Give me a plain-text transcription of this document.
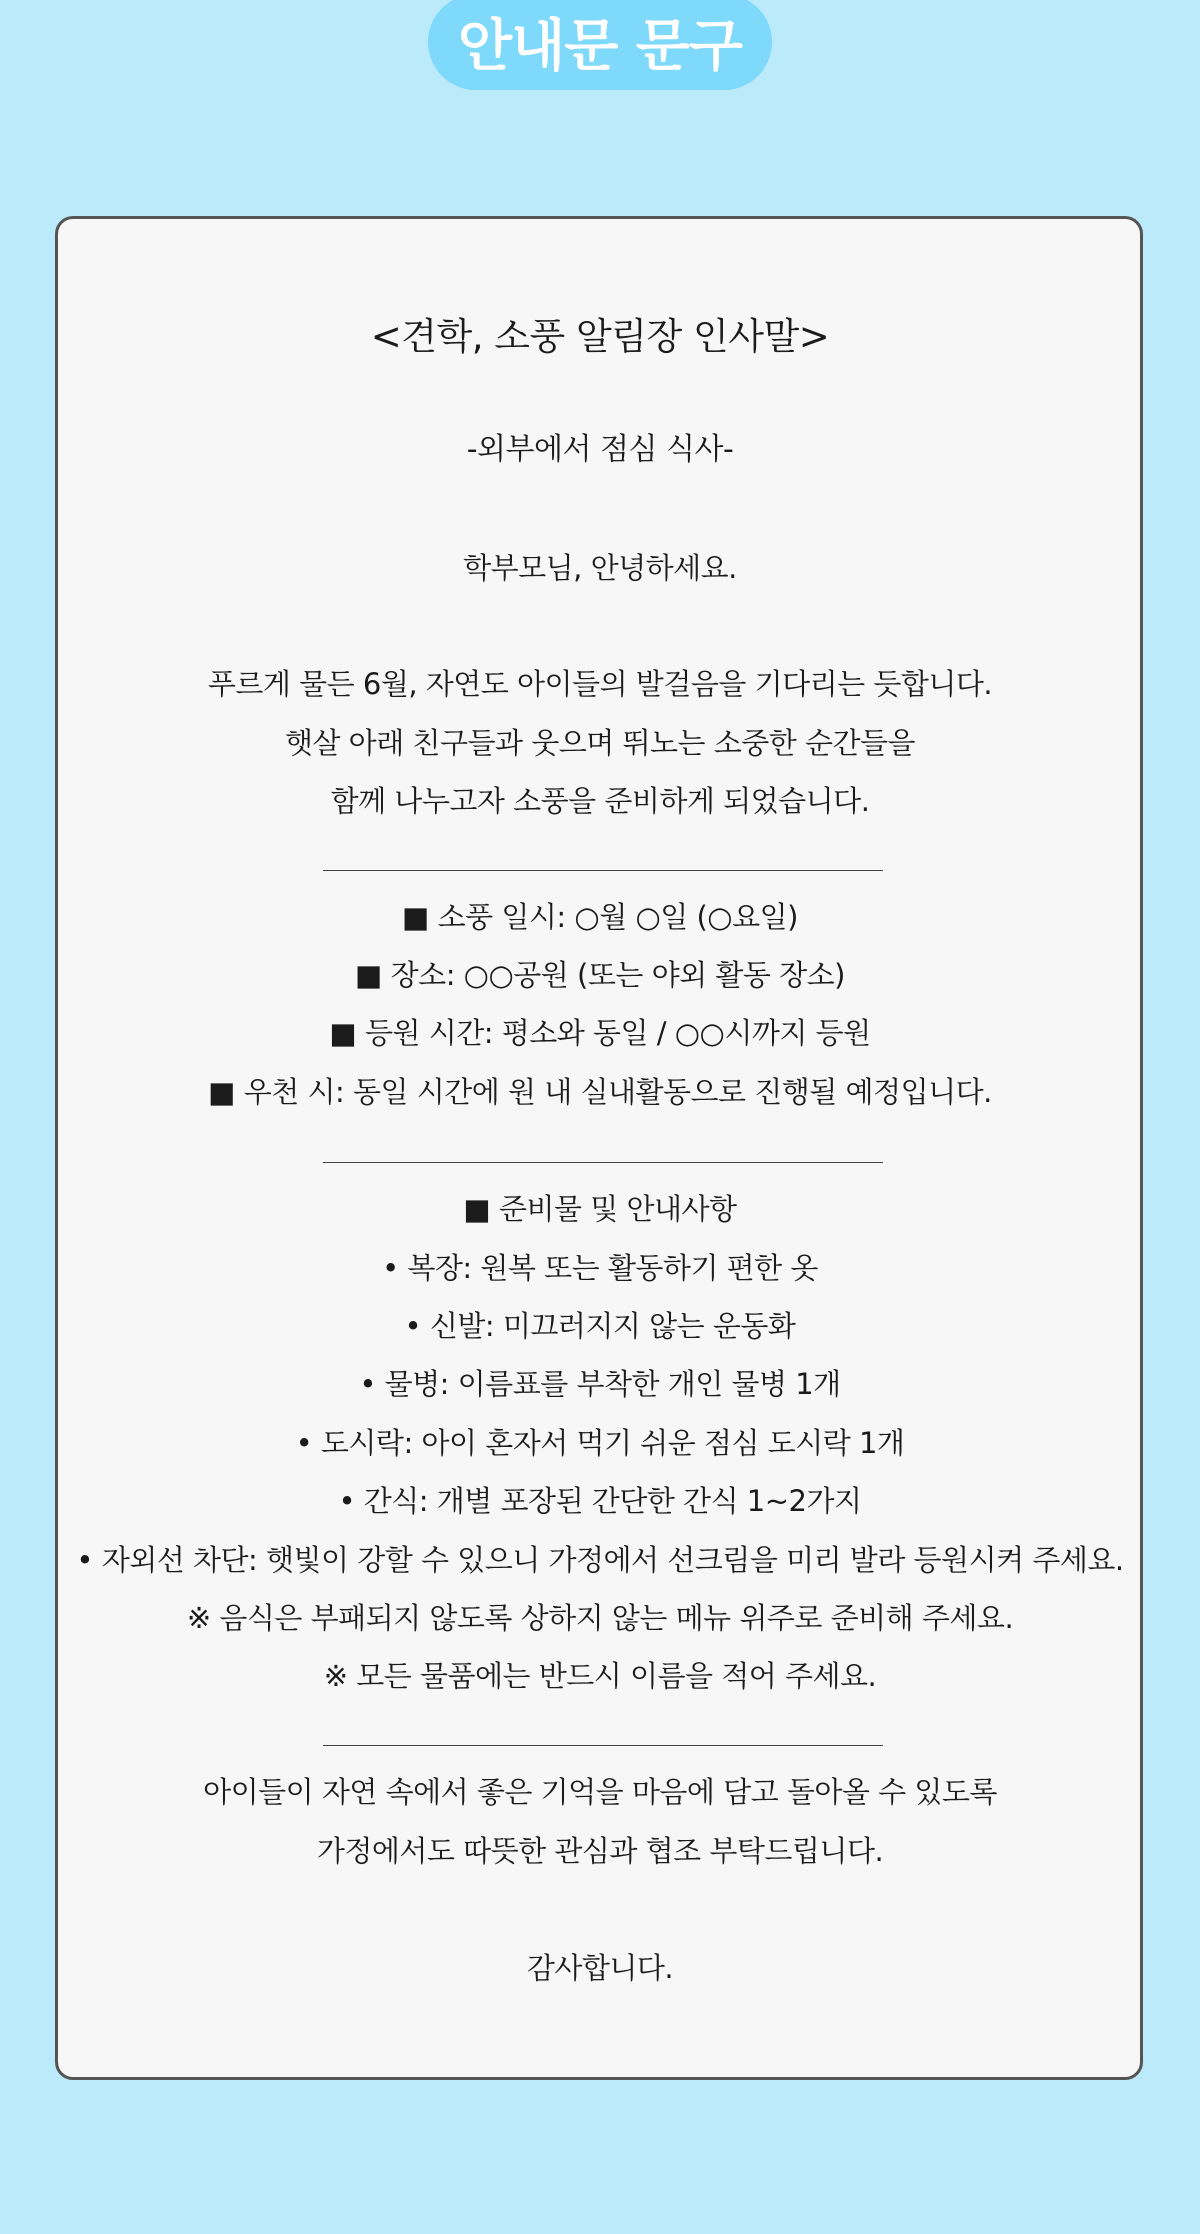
안내문 문구
<견학, 소풍 알림장 인사말>
-외부에서 점심 식사-
학부모님, 안녕하세요.
푸르게 물든 6월, 자연도 아이들의 발걸음을 기다리는 듯합니다.
햇살 아래 친구들과 웃으며 뛰노는 소중한 순간들을
함께 나누고자 소풍을 준비하게 되었습니다.
■ 소풍 일시: ○월 ○일 (○요일)
■ 장소: ○○공원 (또는 야외 활동 장소)
■ 등원 시간: 평소와 동일 / ○○시까지 등원
■ 우천 시: 동일 시간에 원 내 실내활동으로 진행될 예정입니다.
■ 준비물 및 안내사항
• 복장: 원복 또는 활동하기 편한 옷
• 신발: 미끄러지지 않는 운동화
• 물병: 이름표를 부착한 개인 물병 1개
• 도시락: 아이 혼자서 먹기 쉬운 점심 도시락 1개
• 간식: 개별 포장된 간단한 간식 1~2가지
• 자외선 차단: 햇빛이 강할 수 있으니 가정에서 선크림을 미리 발라 등원시켜 주세요.
※ 음식은 부패되지 않도록 상하지 않는 메뉴 위주로 준비해 주세요.
※ 모든 물품에는 반드시 이름을 적어 주세요.
아이들이 자연 속에서 좋은 기억을 마음에 담고 돌아올 수 있도록
가정에서도 따뜻한 관심과 협조 부탁드립니다.
감사합니다.
